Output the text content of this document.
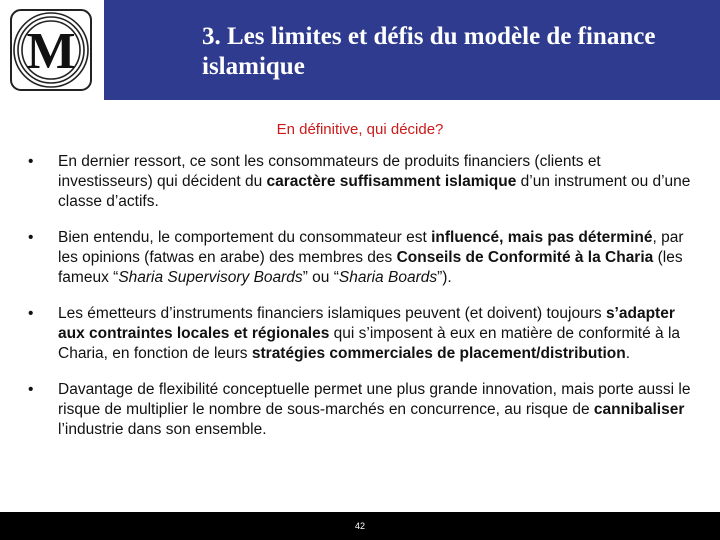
M	3. Les limites et défis du modèle de finance islamique

En définitive, qui décide?

• En dernier ressort, ce sont les consommateurs de produits financiers (clients et investisseurs) qui décident du caractère suffisamment islamique d’un instrument ou d’une classe d’actifs.
• Bien entendu, le comportement du consommateur est influencé, mais pas déterminé, par les opinions (fatwas en arabe) des membres des Conseils de Conformité à la Charia (les fameux “Sharia Supervisory Boards” ou “Sharia Boards”).
• Les émetteurs d’instruments financiers islamiques peuvent (et doivent) toujours s’adapter aux contraintes locales et régionales qui s’imposent à eux en matière de conformité à la Charia, en fonction de leurs stratégies commerciales de placement/distribution.
• Davantage de flexibilité conceptuelle permet une plus grande innovation, mais porte aussi le risque de multiplier le nombre de sous-marchés en concurrence, au risque de cannibaliser l’industrie dans son ensemble.
42
